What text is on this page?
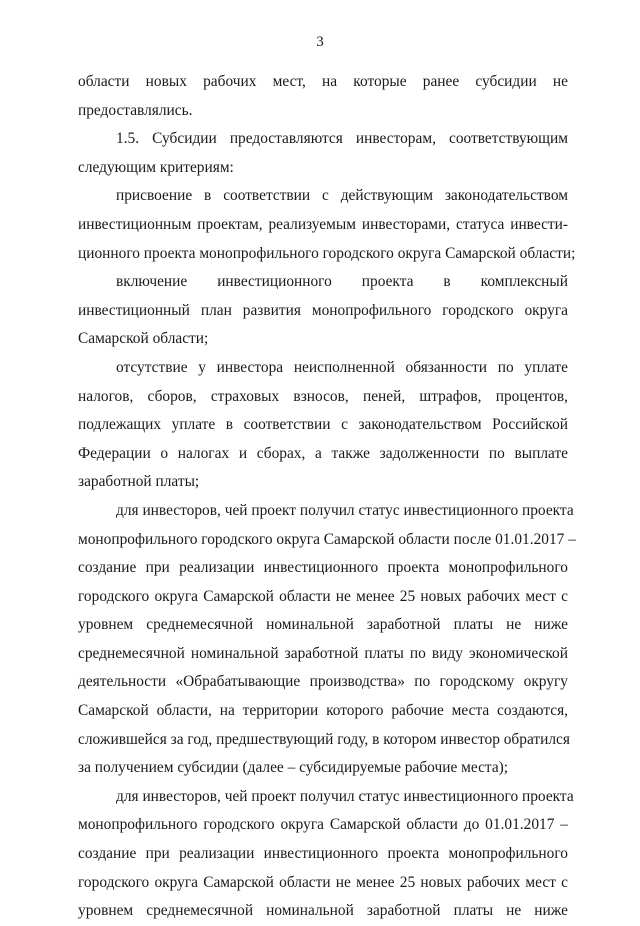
3
области новых рабочих мест, на которые ранее субсидии не
предоставлялись.
1.5. Субсидии предоставляются инвесторам, соответствующим
следующим критериям:
присвоение в соответствии с действующим законодательством
инвестиционным проектам, реализуемым инвесторами, статуса инвести-
ционного проекта монопрофильного городского округа Самарской области;
включение инвестиционного проекта в комплексный
инвестиционный план развития монопрофильного городского округа
Самарской области;
отсутствие у инвестора неисполненной обязанности по уплате
налогов, сборов, страховых взносов, пеней, штрафов, процентов,
подлежащих уплате в соответствии с законодательством Российской
Федерации о налогах и сборах, а также задолженности по выплате
заработной платы;
для инвесторов, чей проект получил статус инвестиционного проекта
монопрофильного городского округа Самарской области после 01.01.2017 –
создание при реализации инвестиционного проекта монопрофильного
городского округа Самарской области не менее 25 новых рабочих мест с
уровнем среднемесячной номинальной заработной платы не ниже
среднемесячной номинальной заработной платы по виду экономической
деятельности «Обрабатывающие производства» по городскому округу
Самарской области, на территории которого рабочие места создаются,
сложившейся за год, предшествующий году, в котором инвестор обратился
за получением субсидии (далее – субсидируемые рабочие места);
для инвесторов, чей проект получил статус инвестиционного проекта
монопрофильного городского округа Самарской области до 01.01.2017 –
создание при реализации инвестиционного проекта монопрофильного
городского округа Самарской области не менее 25 новых рабочих мест с
уровнем среднемесячной номинальной заработной платы не ниже
